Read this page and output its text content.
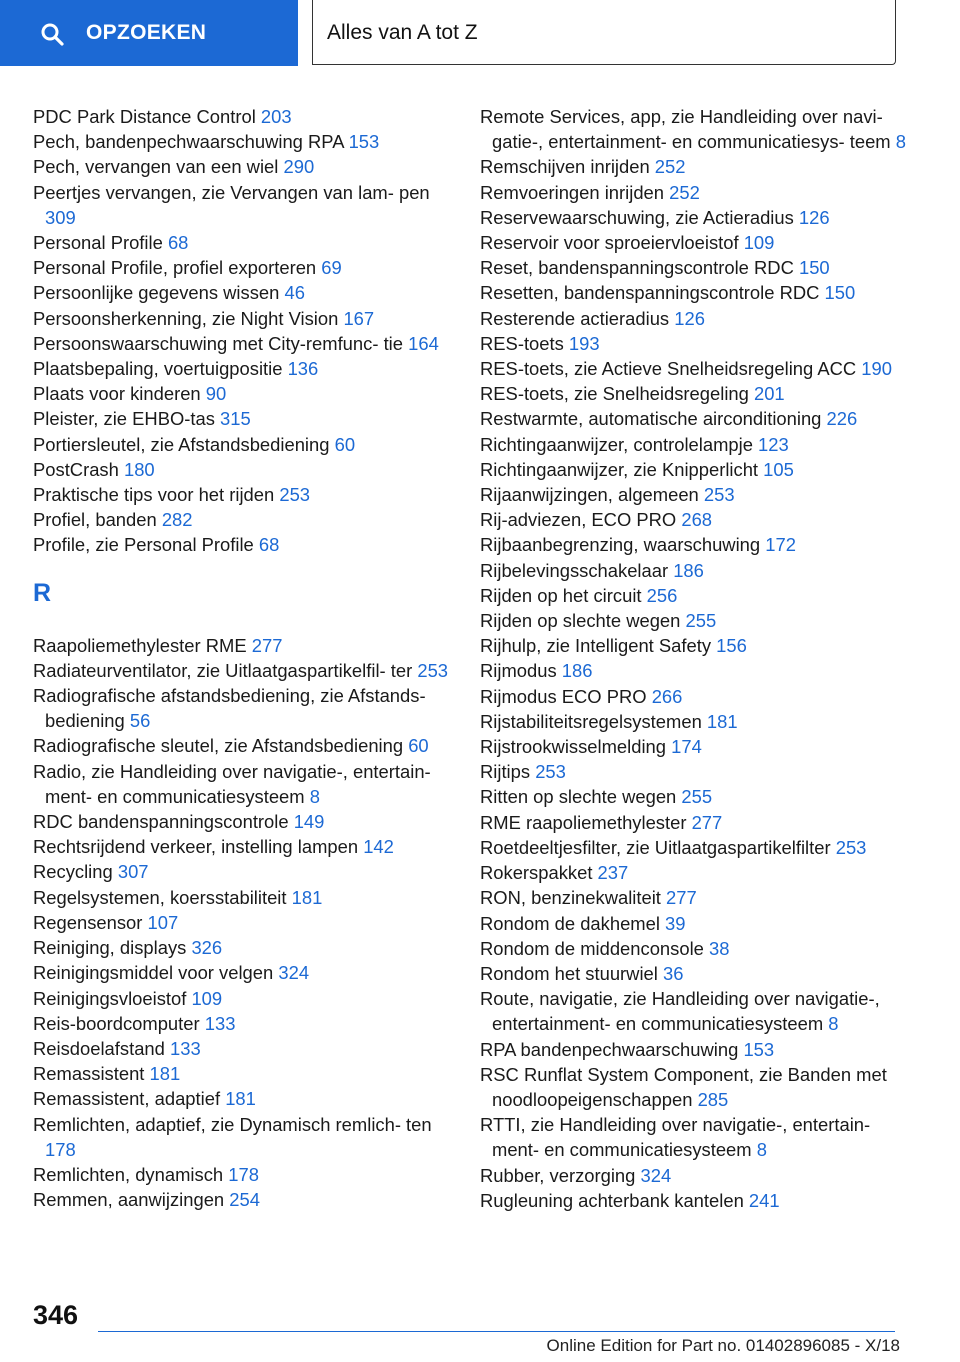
OPZOEKEN	Alles van A tot Z
PDC Park Distance Control 203
Pech, bandenpechwaarschuwing RPA 153
Pech, vervangen van een wiel 290
Peertjes vervangen, zie Vervangen van lam‐ pen 309
Personal Profile 68
Personal Profile, profiel exporteren 69
Persoonlijke gegevens wissen 46
Persoonsherkenning, zie Night Vision 167
Persoonswaarschuwing met City-remfunc‐ tie 164
Plaatsbepaling, voertuigpositie 136
Plaats voor kinderen 90
Pleister, zie EHBO-tas 315
Portiersleutel, zie Afstandsbediening 60
PostCrash 180
Praktische tips voor het rijden 253
Profiel, banden 282
Profile, zie Personal Profile 68
R
Raapoliemethylester RME 277
Radiateurventilator, zie Uitlaatgaspartikelfil‐ ter 253
Radiografische afstandsbediening, zie Afstands‐ bediening 56
Radiografische sleutel, zie Afstandsbediening 60
Radio, zie Handleiding over navigatie-, entertain‐ ment- en communicatiesysteem 8
RDC bandenspanningscontrole 149
Rechtsrijdend verkeer, instelling lampen 142
Recycling 307
Regelsystemen, koersstabiliteit 181
Regensensor 107
Reiniging, displays 326
Reinigingsmiddel voor velgen 324
Reinigingsvloeistof 109
Reis-boordcomputer 133
Reisdoelafstand 133
Remassistent 181
Remassistent, adaptief 181
Remlichten, adaptief, zie Dynamisch remlich‐ ten 178
Remlichten, dynamisch 178
Remmen, aanwijzingen 254
Remote Services, app, zie Handleiding over navi‐ gatie-, entertainment- en communicatiesys‐ teem 8
Remschijven inrijden 252
Remvoeringen inrijden 252
Reservewaarschuwing, zie Actieradius 126
Reservoir voor sproeiervloeistof 109
Reset, bandenspanningscontrole RDC 150
Resetten, bandenspanningscontrole RDC 150
Resterende actieradius 126
RES-toets 193
RES-toets, zie Actieve Snelheidsregeling ACC 190
RES-toets, zie Snelheidsregeling 201
Restwarmte, automatische airconditioning 226
Richtingaanwijzer, controlelampje 123
Richtingaanwijzer, zie Knipperlicht 105
Rijaanwijzingen, algemeen 253
Rij-adviezen, ECO PRO 268
Rijbaanbegrenzing, waarschuwing 172
Rijbelevingsschakelaar 186
Rijden op het circuit 256
Rijden op slechte wegen 255
Rijhulp, zie Intelligent Safety 156
Rijmodus 186
Rijmodus ECO PRO 266
Rijstabiliteitsregelsystemen 181
Rijstrookwisselmelding 174
Rijtips 253
Ritten op slechte wegen 255
RME raapoliemethylester 277
Roetdeeltjesfilter, zie Uitlaatgaspartikelfilter 253
Rokerspakket 237
RON, benzinekwaliteit 277
Rondom de dakhemel 39
Rondom de middenconsole 38
Rondom het stuurwiel 36
Route, navigatie, zie Handleiding over navigatie-, entertainment- en communicatiesysteem 8
RPA bandenpechwaarschuwing 153
RSC Runflat System Component, zie Banden met noodloopeigenschappen 285
RTTI, zie Handleiding over navigatie-, entertain‐ ment- en communicatiesysteem 8
Rubber, verzorging 324
Rugleuning achterbank kantelen 241
346
Online Edition for Part no. 01402896085 - X/18
